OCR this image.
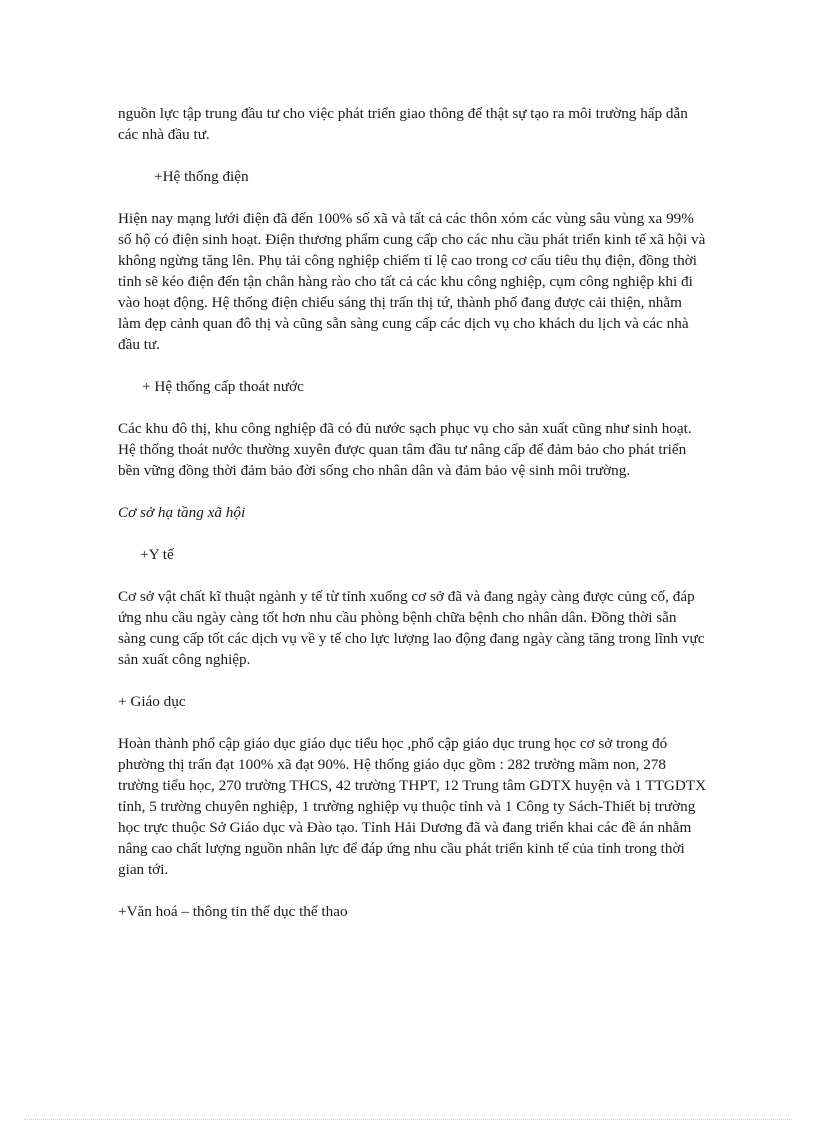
nguồn lực tập trung đầu tư cho việc phát triển giao thông để thật sự tạo ra môi trường hấp dẫn các nhà đầu tư.

+Hệ thống điện

Hiện nay mạng lưới điện đã đến 100% số xã và tất cả các thôn xóm các vùng sâu vùng xa 99% số hộ có điện sinh hoạt. Điện thương phẩm cung cấp cho các nhu cầu phát triển kinh tế xã hội và không ngừng tăng lên. Phụ tải công nghiệp chiếm tỉ lệ cao trong cơ cấu tiêu thụ điện, đồng thời tỉnh sẽ kéo điện đến tận chân hàng rào cho tất cả các khu công nghiệp, cụm công nghiệp khi đi vào hoạt động. Hệ thống điện chiếu sáng thị trấn thị tứ, thành phố đang được cải thiện, nhằm làm đẹp cảnh quan đô thị và cũng sẵn sàng cung cấp các dịch vụ cho khách du lịch và các nhà đầu tư.

+ Hệ thống cấp thoát nước

Các khu đô thị, khu công nghiệp đã có đủ nước sạch phục vụ cho sản xuất cũng như sinh hoạt. Hệ thống thoát nước thường xuyên được quan tâm đầu tư nâng cấp để đảm bảo cho phát triển bền vững đồng thời đảm bảo đời sống cho nhân dân và đảm bảo vệ sinh môi trường.

Cơ sở hạ tầng xã hội

+Y tế

Cơ sở vật chất kĩ thuật ngành y tế từ tỉnh xuống cơ sở đã và đang ngày càng được củng cố, đáp ứng nhu cầu ngày càng tốt hơn nhu cầu phòng bệnh chữa bệnh cho nhân dân. Đồng thời sẵn sàng cung cấp tốt các dịch vụ về y tế cho lực lượng lao động đang ngày càng tăng trong lĩnh vực sản xuất công nghiệp.

+ Giáo dục

Hoàn thành phổ cập giáo dục giáo dục tiểu học ,phổ cập giáo dục trung học cơ sở trong đó phường thị trấn đạt 100% xã đạt 90%. Hệ thống giáo dục gồm : 282 trường mầm non, 278 trường tiểu học, 270 trường THCS, 42 trường THPT, 12 Trung tâm GDTX huyện và 1 TTGDTX tỉnh, 5 trường chuyên nghiệp, 1 trường nghiệp vụ thuộc tỉnh và 1 Công ty Sách-Thiết bị trường học trực thuộc Sở Giáo dục và Đào tạo. Tỉnh Hải Dương đã và đang triển khai các đề án nhằm nâng cao chất lượng nguồn nhân lực để đáp ứng nhu cầu phát triển kinh tế của tỉnh trong thời gian tới.

+Văn hoá – thông tin thể dục thể thao
